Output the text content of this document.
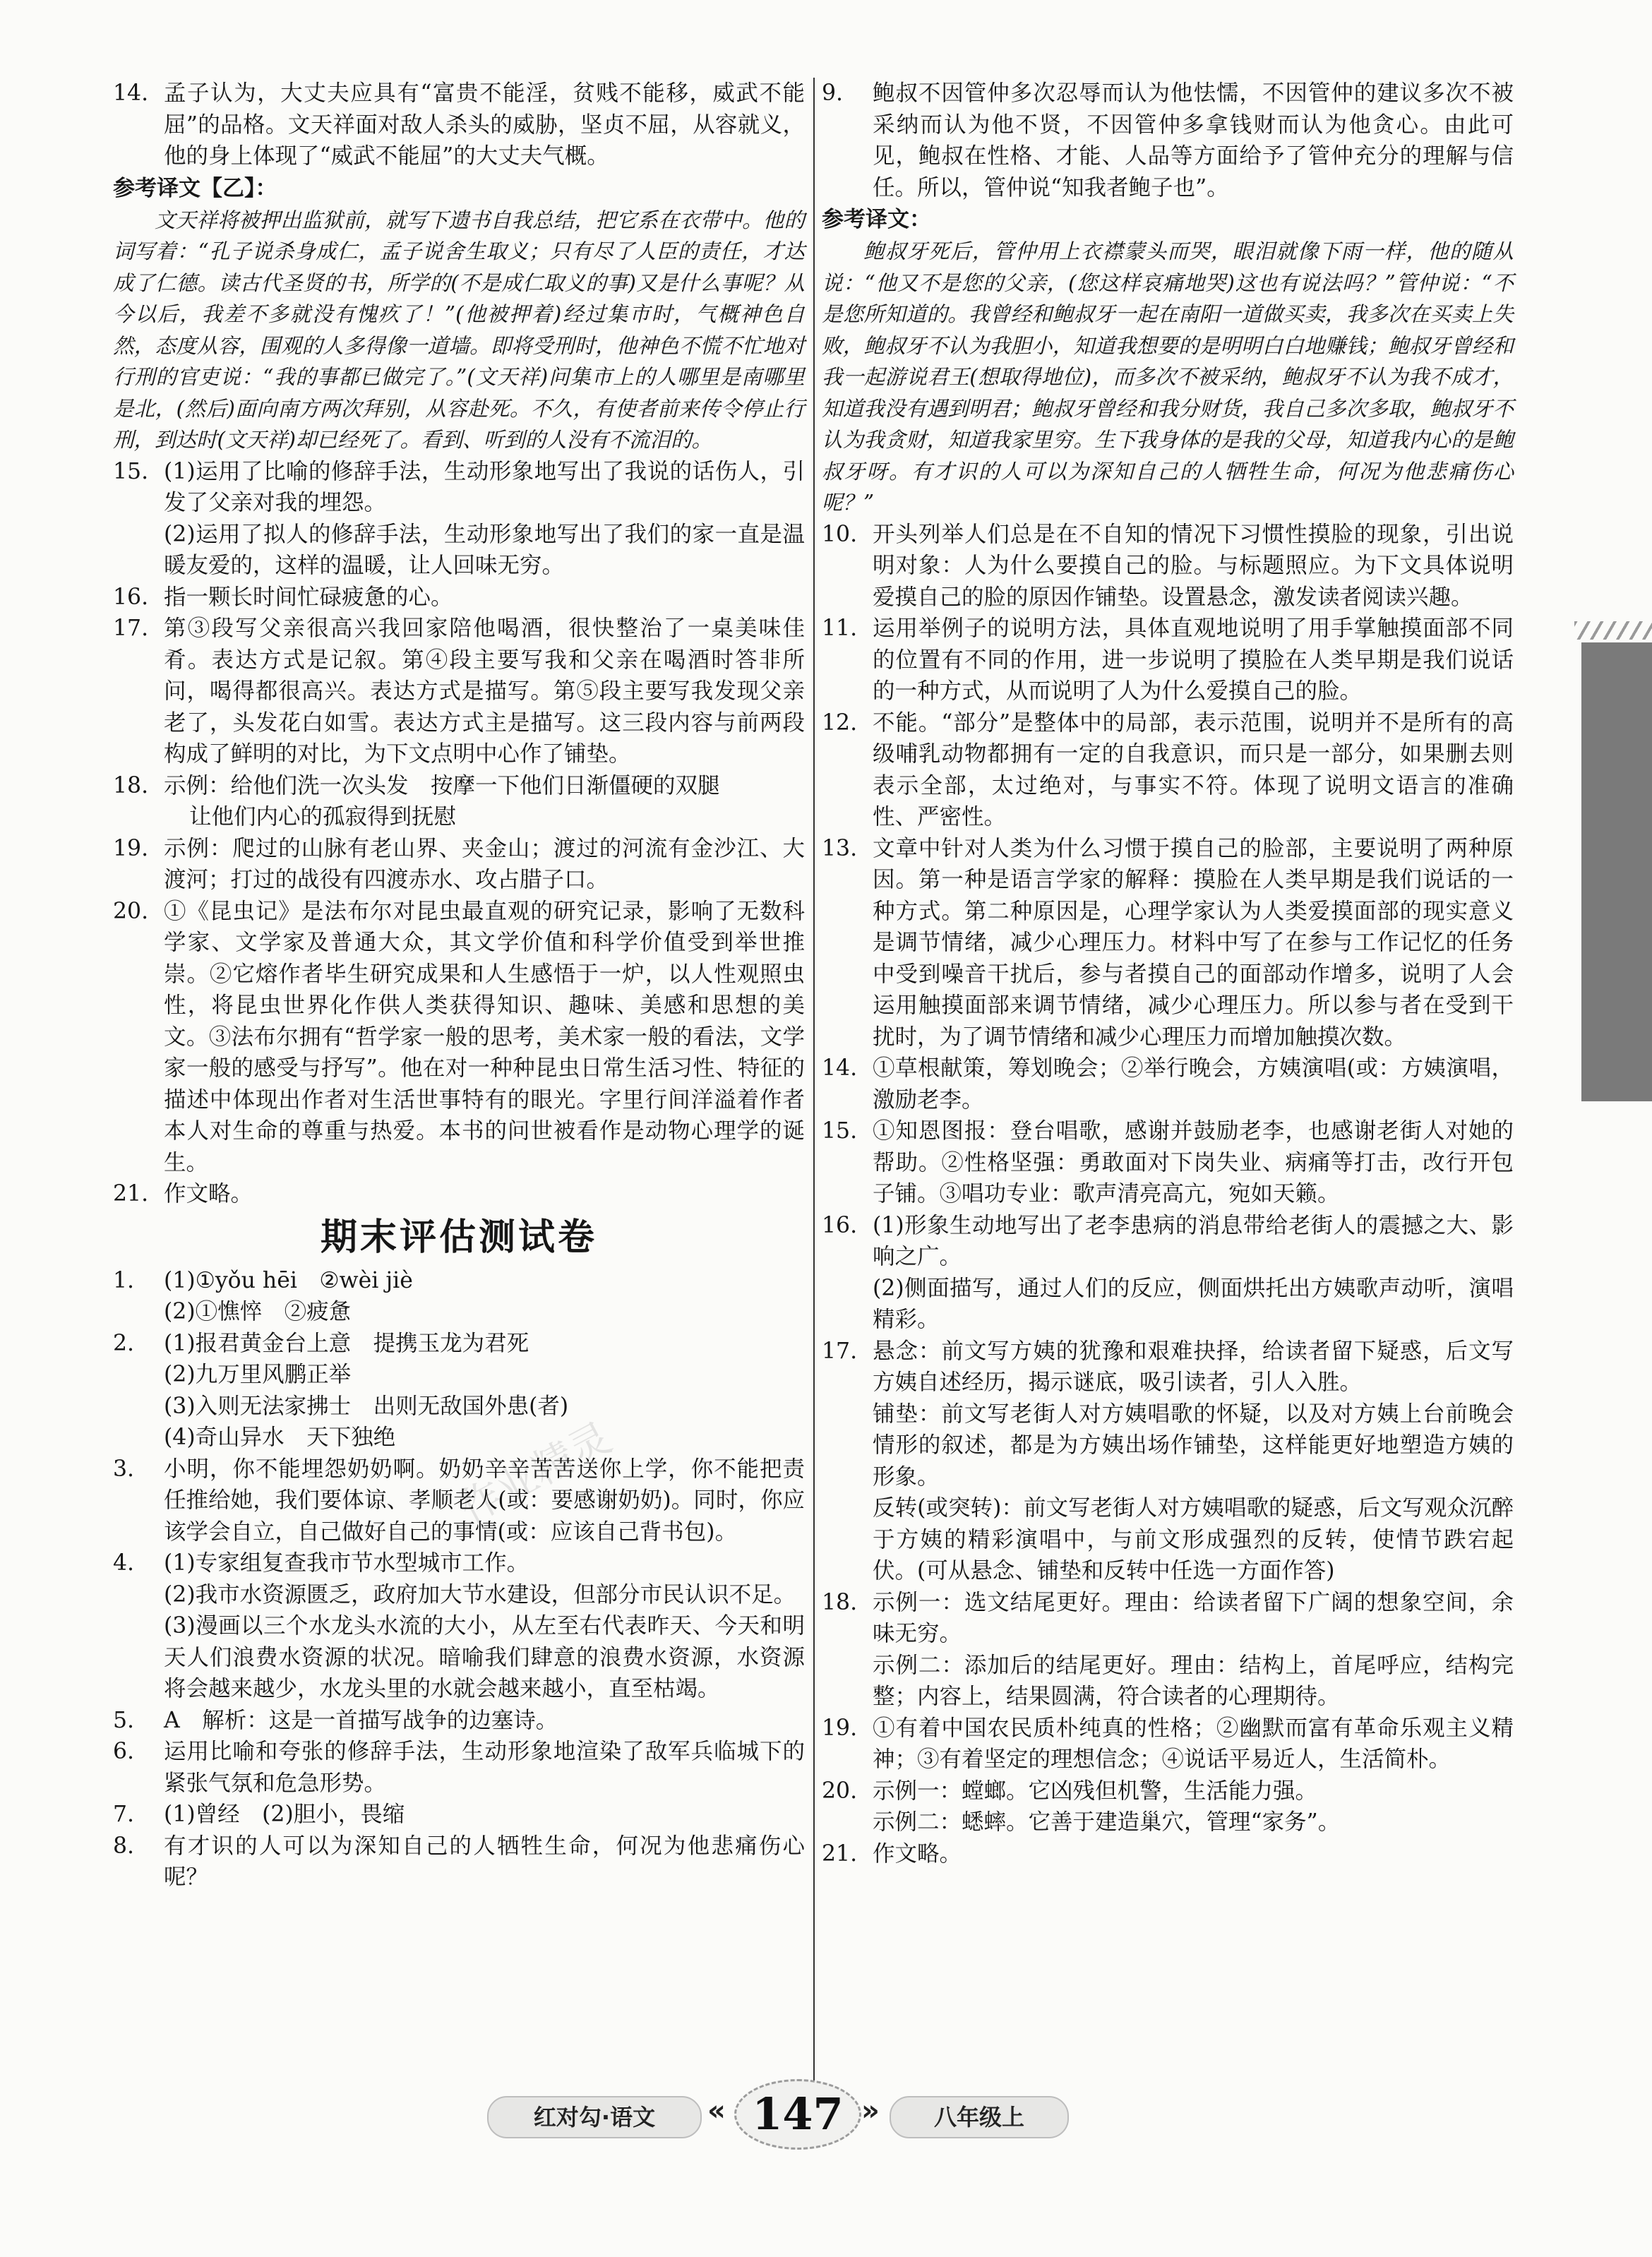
作业精灵
14. 孟子认为，大丈夫应具有“富贵不能淫，贫贱不能移，威武不能屈”的品格。文天祥面对敌人杀头的威胁，坚贞不屈，从容就义，他的身上体现了“威武不能屈”的大丈夫气概。
参考译文【乙】：
文天祥将被押出监狱前，就写下遗书自我总结，把它系在衣带中。他的词写着：“孔子说杀身成仁，孟子说舍生取义；只有尽了人臣的责任，才达成了仁德。读古代圣贤的书，所学的(不是成仁取义的事)又是什么事呢？从今以后，我差不多就没有愧疚了！”(他被押着)经过集市时，气概神色自然，态度从容，围观的人多得像一道墙。即将受刑时，他神色不慌不忙地对行刑的官吏说：“我的事都已做完了。”(文天祥)问集市上的人哪里是南哪里是北，(然后)面向南方两次拜别，从容赴死。不久，有使者前来传令停止行刑，到达时(文天祥)却已经死了。看到、听到的人没有不流泪的。
15. (1)运用了比喻的修辞手法，生动形象地写出了我说的话伤人，引发了父亲对我的埋怨。
(2)运用了拟人的修辞手法，生动形象地写出了我们的家一直是温暖友爱的，这样的温暖，让人回味无穷。
16. 指一颗长时间忙碌疲惫的心。
17. 第③段写父亲很高兴我回家陪他喝酒，很快整治了一桌美味佳肴。表达方式是记叙。第④段主要写我和父亲在喝酒时答非所问，喝得都很高兴。表达方式是描写。第⑤段主要写我发现父亲老了，头发花白如雪。表达方式主是描写。这三段内容与前两段构成了鲜明的对比，为下文点明中心作了铺垫。
18. 示例：给他们洗一次头发　按摩一下他们日渐僵硬的双腿
让他们内心的孤寂得到抚慰
19. 示例：爬过的山脉有老山界、夹金山；渡过的河流有金沙江、大渡河；打过的战役有四渡赤水、攻占腊子口。
20. ①《昆虫记》是法布尔对昆虫最直观的研究记录，影响了无数科学家、文学家及普通大众，其文学价值和科学价值受到举世推崇。②它熔作者毕生研究成果和人生感悟于一炉，以人性观照虫性，将昆虫世界化作供人类获得知识、趣味、美感和思想的美文。③法布尔拥有“哲学家一般的思考，美术家一般的看法，文学家一般的感受与抒写”。他在对一种种昆虫日常生活习性、特征的描述中体现出作者对生活世事特有的眼光。字里行间洋溢着作者本人对生命的尊重与热爱。本书的问世被看作是动物心理学的诞生。
21. 作文略。
期末评估测试卷
1.	(1)①yǒu hēi　②wèi jiè
(2)①憔悴　②疲惫
2.	(1)报君黄金台上意　提携玉龙为君死
(2)九万里风鹏正举
(3)入则无法家拂士　出则无敌国外患(者)
(4)奇山异水　天下独绝
3.	小明，你不能埋怨奶奶啊。奶奶辛辛苦苦送你上学，你不能把责任推给她，我们要体谅、孝顺老人(或：要感谢奶奶)。同时，你应该学会自立，自己做好自己的事情(或：应该自己背书包)。
4.	(1)专家组复查我市节水型城市工作。
(2)我市水资源匮乏，政府加大节水建设，但部分市民认识不足。
(3)漫画以三个水龙头水流的大小，从左至右代表昨天、今天和明天人们浪费水资源的状况。暗喻我们肆意的浪费水资源，水资源将会越来越少，水龙头里的水就会越来越小，直至枯竭。
5.	A　解析：这是一首描写战争的边塞诗。
6.	运用比喻和夸张的修辞手法，生动形象地渲染了敌军兵临城下的紧张气氛和危急形势。
7.	(1)曾经　(2)胆小，畏缩
8.	有才识的人可以为深知自己的人牺牲生命，何况为他悲痛伤心呢？
9.	鲍叔不因管仲多次忍辱而认为他怯懦，不因管仲的建议多次不被采纳而认为他不贤，不因管仲多拿钱财而认为他贪心。由此可见，鲍叔在性格、才能、人品等方面给予了管仲充分的理解与信任。所以，管仲说“知我者鲍子也”。
参考译文：
鲍叔牙死后，管仲用上衣襟蒙头而哭，眼泪就像下雨一样，他的随从说：“他又不是您的父亲，(您这样哀痛地哭)这也有说法吗？”管仲说：“不是您所知道的。我曾经和鲍叔牙一起在南阳一道做买卖，我多次在买卖上失败，鲍叔牙不认为我胆小，知道我想要的是明明白白地赚钱；鲍叔牙曾经和我一起游说君王(想取得地位)，而多次不被采纳，鲍叔牙不认为我不成才，知道我没有遇到明君；鲍叔牙曾经和我分财货，我自己多次多取，鲍叔牙不认为我贪财，知道我家里穷。生下我身体的是我的父母，知道我内心的是鲍叔牙呀。有才识的人可以为深知自己的人牺牲生命，何况为他悲痛伤心呢？”
10. 开头列举人们总是在不自知的情况下习惯性摸脸的现象，引出说明对象：人为什么要摸自己的脸。与标题照应。为下文具体说明爱摸自己的脸的原因作铺垫。设置悬念，激发读者阅读兴趣。
11. 运用举例子的说明方法，具体直观地说明了用手掌触摸面部不同的位置有不同的作用，进一步说明了摸脸在人类早期是我们说话的一种方式，从而说明了人为什么爱摸自己的脸。
12. 不能。“部分”是整体中的局部，表示范围，说明并不是所有的高级哺乳动物都拥有一定的自我意识，而只是一部分，如果删去则表示全部，太过绝对，与事实不符。体现了说明文语言的准确性、严密性。
13. 文章中针对人类为什么习惯于摸自己的脸部，主要说明了两种原因。第一种是语言学家的解释：摸脸在人类早期是我们说话的一种方式。第二种原因是，心理学家认为人类爱摸面部的现实意义是调节情绪，减少心理压力。材料中写了在参与工作记忆的任务中受到噪音干扰后，参与者摸自己的面部动作增多，说明了人会运用触摸面部来调节情绪，减少心理压力。所以参与者在受到干扰时，为了调节情绪和减少心理压力而增加触摸次数。
14. ①草根献策，筹划晚会；②举行晚会，方姨演唱(或：方姨演唱，激励老李。
15. ①知恩图报：登台唱歌，感谢并鼓励老李，也感谢老街人对她的帮助。②性格坚强：勇敢面对下岗失业、病痛等打击，改行开包子铺。③唱功专业：歌声清亮高亢，宛如天籁。
16. (1)形象生动地写出了老李患病的消息带给老街人的震撼之大、影响之广。
(2)侧面描写，通过人们的反应，侧面烘托出方姨歌声动听，演唱精彩。
17. 悬念：前文写方姨的犹豫和艰难抉择，给读者留下疑惑，后文写方姨自述经历，揭示谜底，吸引读者，引人入胜。
铺垫：前文写老街人对方姨唱歌的怀疑，以及对方姨上台前晚会情形的叙述，都是为方姨出场作铺垫，这样能更好地塑造方姨的形象。
反转(或突转)：前文写老街人对方姨唱歌的疑惑，后文写观众沉醉于方姨的精彩演唱中，与前文形成强烈的反转，使情节跌宕起伏。(可从悬念、铺垫和反转中任选一方面作答)
18. 示例一：选文结尾更好。理由：给读者留下广阔的想象空间，余味无穷。
示例二：添加后的结尾更好。理由：结构上，首尾呼应，结构完整；内容上，结果圆满，符合读者的心理期待。
19. ①有着中国农民质朴纯真的性格；②幽默而富有革命乐观主义精神；③有着坚定的理想信念；④说话平易近人，生活简朴。
20. 示例一：螳螂。它凶残但机警，生活能力强。
示例二：蟋蟀。它善于建造巢穴，管理“家务”。
21. 作文略。
红对勾·语文	« 147 »	八年级上
